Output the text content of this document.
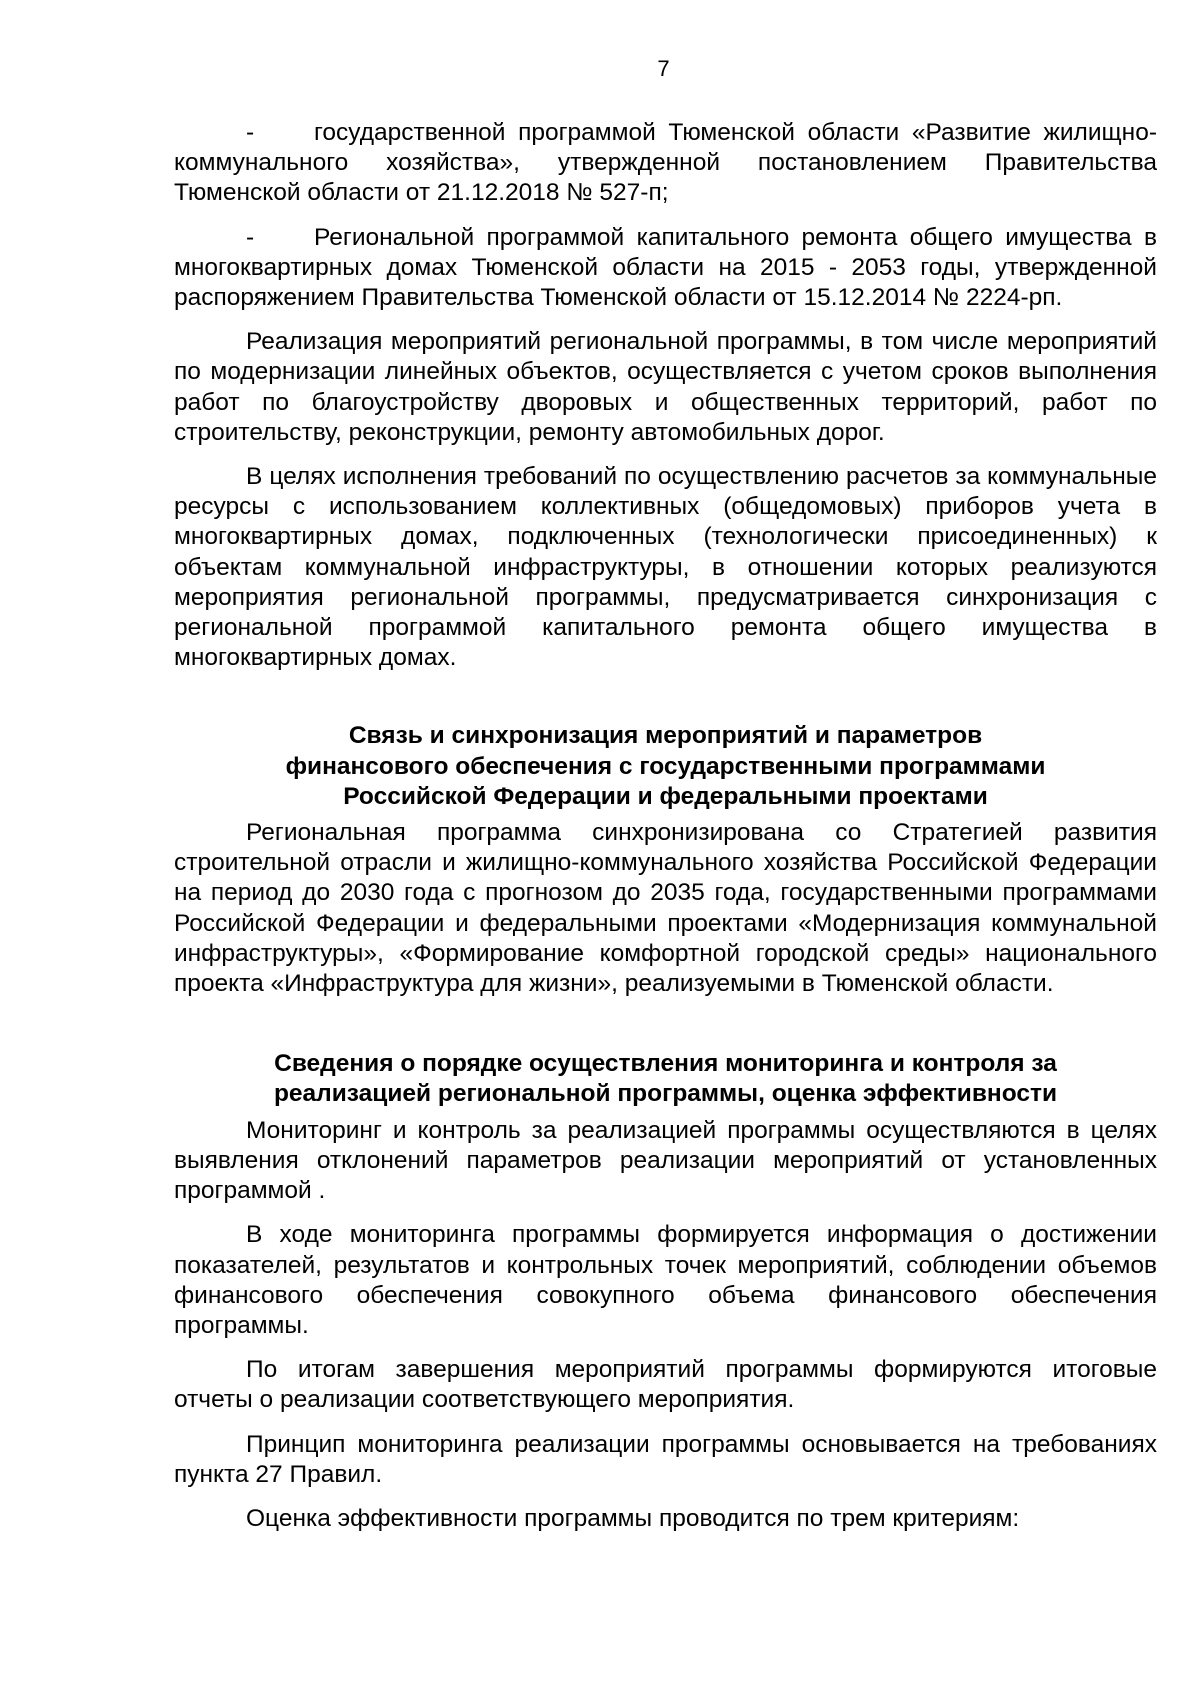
7

- государственной программой Тюменской области «Развитие жилищно-коммунального хозяйства», утвержденной постановлением Правительства Тюменской области от 21.12.2018 № 527-п;

- Региональной программой капитального ремонта общего имущества в многоквартирных домах Тюменской области на 2015 - 2053 годы, утвержденной распоряжением Правительства Тюменской области от 15.12.2014 № 2224-рп.

Реализация мероприятий региональной программы, в том числе мероприятий по модернизации линейных объектов, осуществляется с учетом сроков выполнения работ по благоустройству дворовых и общественных территорий, работ по строительству, реконструкции, ремонту автомобильных дорог.

В целях исполнения требований по осуществлению расчетов за коммунальные ресурсы с использованием коллективных (общедомовых) приборов учета в многоквартирных домах, подключенных (технологически присоединенных) к объектам коммунальной инфраструктуры, в отношении которых реализуются мероприятия региональной программы, предусматривается синхронизация с региональной программой капитального ремонта общего имущества в многоквартирных домах.

Связь и синхронизация мероприятий и параметров
финансового обеспечения с государственными программами
Российской Федерации и федеральными проектами

Региональная программа синхронизирована со Стратегией развития строительной отрасли и жилищно-коммунального хозяйства Российской Федерации на период до 2030 года с прогнозом до 2035 года, государственными программами Российской Федерации и федеральными проектами «Модернизация коммунальной инфраструктуры», «Формирование комфортной городской среды» национального проекта «Инфраструктура для жизни», реализуемыми в Тюменской области.

Сведения о порядке осуществления мониторинга и контроля за
реализацией региональной программы, оценка эффективности

Мониторинг и контроль за реализацией программы осуществляются в целях выявления отклонений параметров реализации мероприятий от установленных программой .

В ходе мониторинга программы формируется информация о достижении показателей, результатов и контрольных точек мероприятий, соблюдении объемов финансового обеспечения совокупного объема финансового обеспечения программы.

По итогам завершения мероприятий программы формируются итоговые отчеты о реализации соответствующего мероприятия.

Принцип мониторинга реализации программы основывается на требованиях пункта 27 Правил.

Оценка эффективности программы проводится по трем критериям:
